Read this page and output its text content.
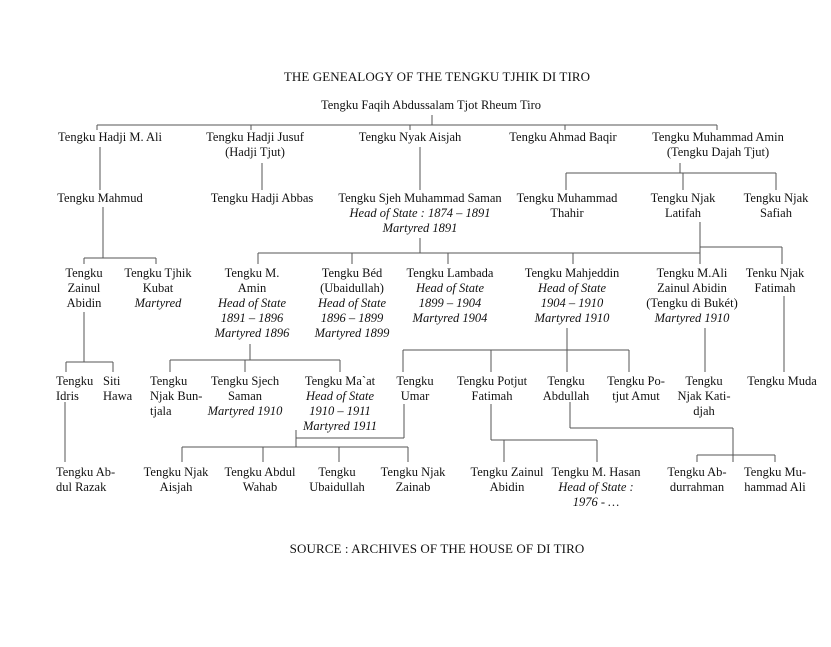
THE GENEALOGY OF THE TENGKU TJHIK DI TIRO
SOURCE : ARCHIVES OF THE HOUSE OF DI TIRO
Tengku Faqih Abdussalam Tjot Rheum Tiro
Tengku Hadji M. Ali	Tengku Hadji Jusuf
(Hadji Tjut)
Tengku Nyak Aisjah	Tengku Ahmad Baqir	Tengku Muhammad Amin
(Tengku Dajah Tjut)
Tengku Mahmud	Tengku Hadji Abbas Tengku Sjeh Muhammad Saman
Head of State : 1874 – 1891
Martyred 1891
Tengku Muhammad
Thahir
Tengku Njak
Latifah
Tengku Njak
Safiah
Tengku
Zainul
Abidin
Tengku Tjhik
Kubat
Martyred
Tengku M.
Amin
Head of State
1891 – 1896
Martyred 1896
Tengku Béd
(Ubaidullah)
Head of State
1896 – 1899
Martyred 1899
Tengku Lambada
Head of State
1899 – 1904
Martyred 1904
Tengku Mahjeddin
Head of State
1904 – 1910
Martyred 1910
Tengku M.Ali
Zainul Abidin
(Tengku di Bukét)
Martyred 1910
Tenku Njak
Fatimah
Tengku
Idris
Siti
Hawa
Tengku
Njak Bun-
tjala
Tengku Sjech
Saman
Martyred 1910
Tengku Ma`at
Head of State
1910 – 1911
Martyred 1911
Tengku
Umar
Tengku Potjut
Fatimah
Tengku
Abdullah
Tengku Po-
tjut Amut
Tengku
Njak Kati-
djah
Tengku Muda
Tengku Ab-
dul Razak
Tengku Njak
Aisjah
Tengku Abdul
Wahab
Tengku
Ubaidullah
Tengku Njak
Zainab
Tengku Zainul
Abidin
Tengku M. Hasan
Head of State :
1976 - …
Tengku Ab-
durrahman
Tengku Mu-
hammad Ali
